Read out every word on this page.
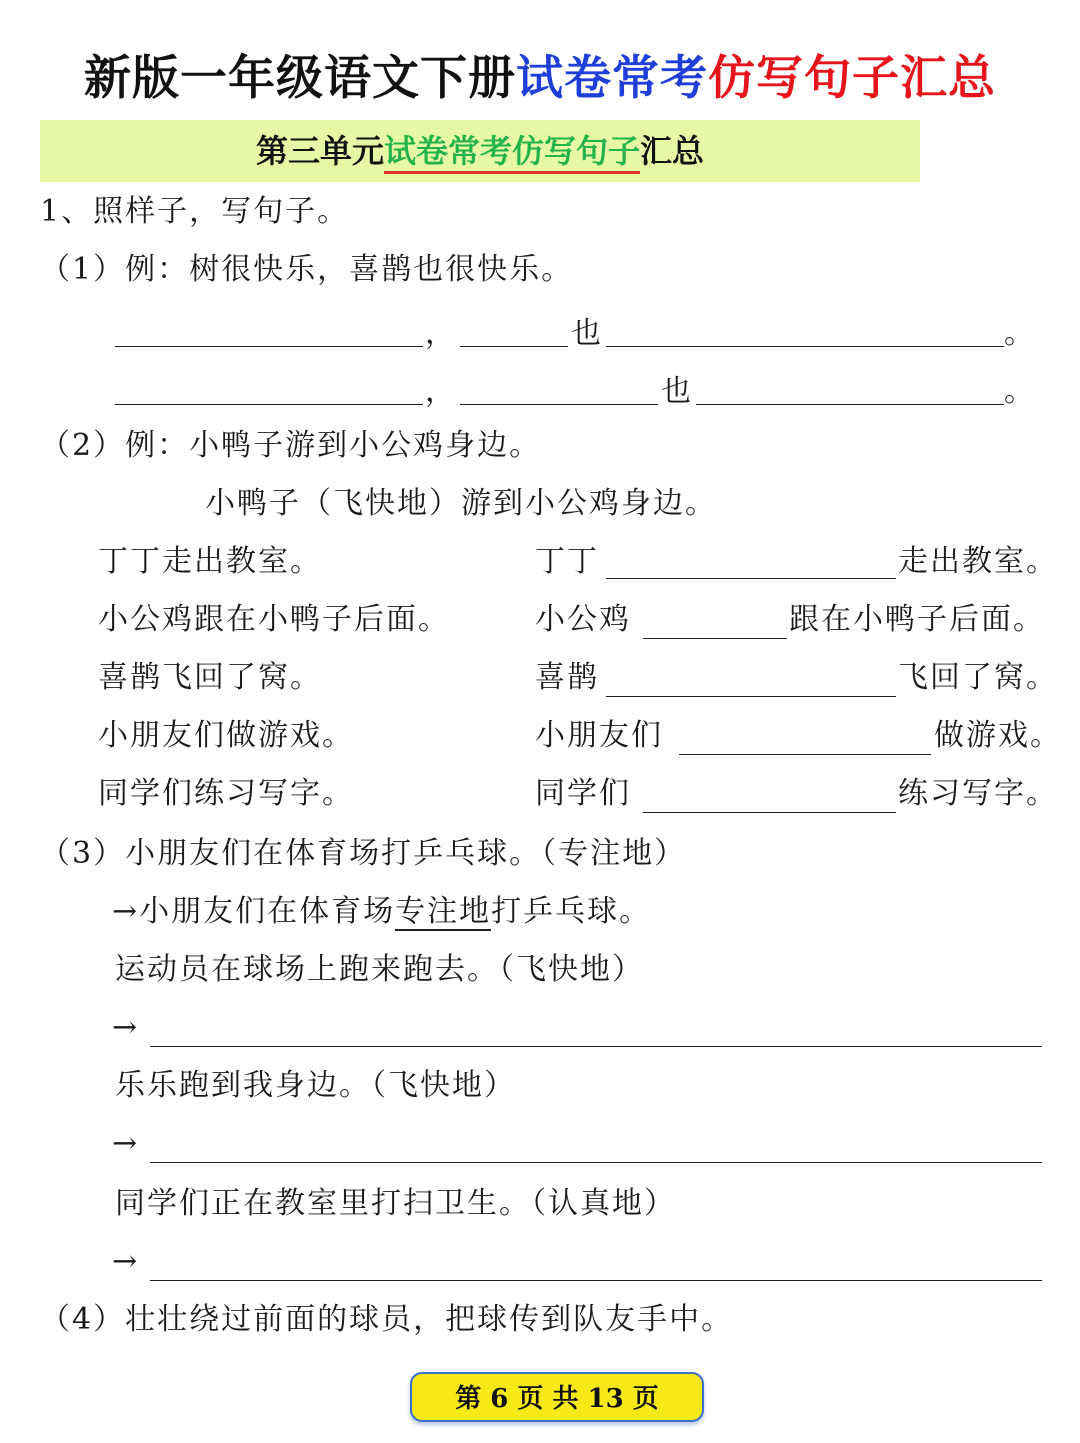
新版一年级语文下册试卷常考仿写句子汇总
第三单元试卷常考仿写句子汇总
1、照样子，写句子。
（1）例：树很快乐，喜鹊也很快乐。
，	也	。
，	也	。
（2）例：小鸭子游到小公鸡身边。
小鸭子（飞快地）游到小公鸡身边。
丁丁走出教室。	丁丁	走出教室。
小公鸡跟在小鸭子后面。	小公鸡	跟在小鸭子后面。
喜鹊飞回了窝。	喜鹊	飞回了窝。
小朋友们做游戏。	小朋友们	做游戏。
同学们练习写字。	同学们	练习写字。
（3）小朋友们在体育场打乒乓球。（专注地）
→小朋友们在体育场专注地打乒乓球。
运动员在球场上跑来跑去。（飞快地）
→
乐乐跑到我身边。（飞快地）
→
同学们正在教室里打扫卫生。（认真地）
→
（4）壮壮绕过前面的球员，把球传到队友手中。
第 6 页 共 13 页
